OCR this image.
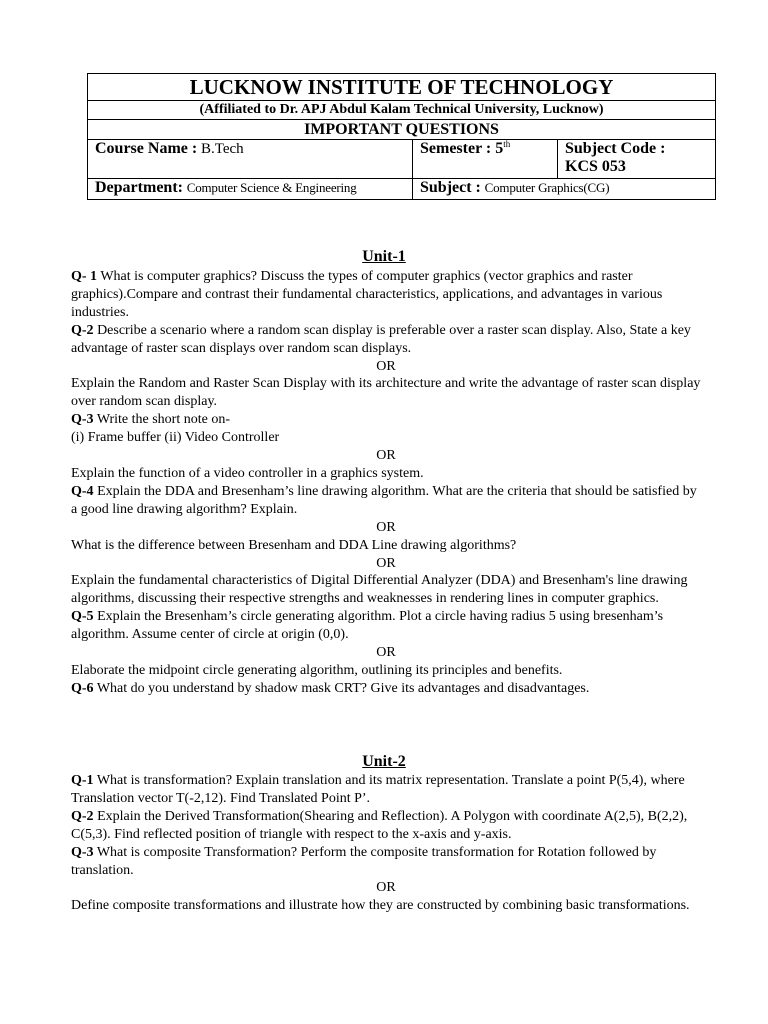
LUCKNOW INSTITUTE OF TECHNOLOGY		
(Affiliated to Dr. APJ Abdul Kalam Technical University, Lucknow)		
IMPORTANT QUESTIONS		
Course Name : B.Tech	Semester : 5th	Subject Code :
KCS 053

Department: Computer Science & Engineering	Subject : Computer Graphics(CG)	
Unit-1

Q- 1 What is computer graphics? Discuss the types of computer graphics (vector graphics and raster graphics).Compare and contrast their fundamental characteristics, applications, and advantages in various industries.

Q-2 Describe a scenario where a random scan display is preferable over a raster scan display. Also, State a key advantage of raster scan displays over random scan displays.

OR

Explain the Random and Raster Scan Display with its architecture and write the advantage of raster scan display over random scan display.

Q-3 Write the short note on-

(i) Frame buffer (ii) Video Controller

OR

Explain the function of a video controller in a graphics system.

Q-4 Explain the DDA and Bresenham’s line drawing algorithm. What are the criteria that should be satisfied by a good line drawing algorithm? Explain.

OR

What is the difference between Bresenham and DDA Line drawing algorithms?

OR

Explain the fundamental characteristics of Digital Differential Analyzer (DDA) and Bresenham's line drawing algorithms, discussing their respective strengths and weaknesses in rendering lines in computer graphics.

Q-5 Explain the Bresenham’s circle generating algorithm. Plot a circle having radius 5 using bresenham’s algorithm. Assume center of circle at origin (0,0).

OR

Elaborate the midpoint circle generating algorithm, outlining its principles and benefits.

Q-6 What do you understand by shadow mask CRT? Give its advantages and disadvantages.

Unit-2

Q-1 What is transformation? Explain translation and its matrix representation. Translate a point P(5,4), where Translation vector T(-2,12). Find Translated Point P’.

Q-2 Explain the Derived Transformation(Shearing and Reflection). A Polygon with coordinate A(2,5), B(2,2), C(5,3). Find reflected position of triangle with respect to the x-axis and y-axis.

Q-3 What is composite Transformation? Perform the composite transformation for Rotation followed by translation.

OR

Define composite transformations and illustrate how they are constructed by combining basic transformations.
